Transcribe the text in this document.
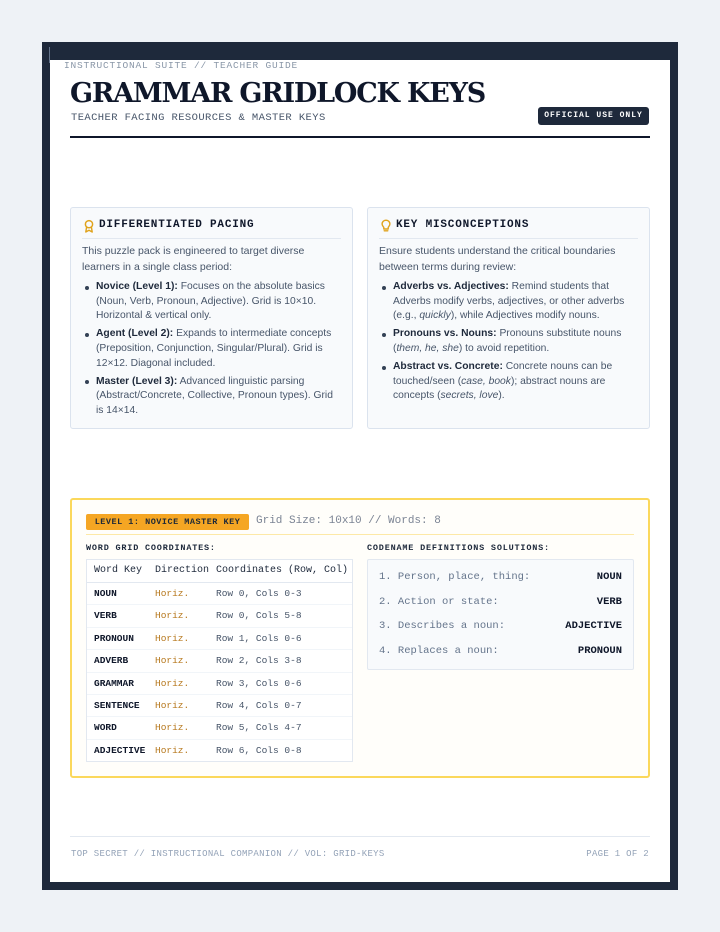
INSTRUCTIONAL SUITE // TEACHER GUIDE
GRAMMAR GRIDLOCK KEYS
TEACHER FACING RESOURCES & MASTER KEYS	OFFICIAL USE ONLY
DIFFERENTIATED PACING
This puzzle pack is engineered to target diverse learners in a single class period:
Novice (Level 1): Focuses on the absolute basics (Noun, Verb, Pronoun, Adjective). Grid is 10×10. Horizontal & vertical only.
Agent (Level 2): Expands to intermediate concepts (Preposition, Conjunction, Singular/Plural). Grid is 12×12. Diagonal included.
Master (Level 3): Advanced linguistic parsing (Abstract/Concrete, Collective, Pronoun types). Grid is 14×14.
KEY MISCONCEPTIONS
Ensure students understand the critical boundaries between terms during review:
Adverbs vs. Adjectives: Remind students that Adverbs modify verbs, adjectives, or other adverbs (e.g., quickly), while Adjectives modify nouns.
Pronouns vs. Nouns: Pronouns substitute nouns (them, he, she) to avoid repetition.
Abstract vs. Concrete: Concrete nouns can be touched/seen (case, book); abstract nouns are concepts (secrets, love).
LEVEL 1: NOVICE MASTER KEY	Grid Size: 10x10 // Words: 8
WORD GRID COORDINATES:	CODENAME DEFINITIONS SOLUTIONS:
Word Key Direction Coordinates (Row, Col)
NOUN	Horiz.	Row 0, Cols 0-3
VERB	Horiz.	Row 0, Cols 5-8
PRONOUN Horiz.	Row 1, Cols 0-6
ADVERB	Horiz.	Row 2, Cols 3-8
GRAMMAR Horiz.	Row 3, Cols 0-6
SENTENCE Horiz.	Row 4, Cols 0-7
WORD	Horiz.	Row 5, Cols 4-7
ADJECTIVE Horiz.	Row 6, Cols 0-8
1. Person, place, thing:	NOUN
2. Action or state:	VERB
3. Describes a noun:	ADJECTIVE
4. Replaces a noun:	PRONOUN
TOP SECRET // INSTRUCTIONAL COMPANION // VOL: GRID-KEYS	PAGE 1 OF 2
